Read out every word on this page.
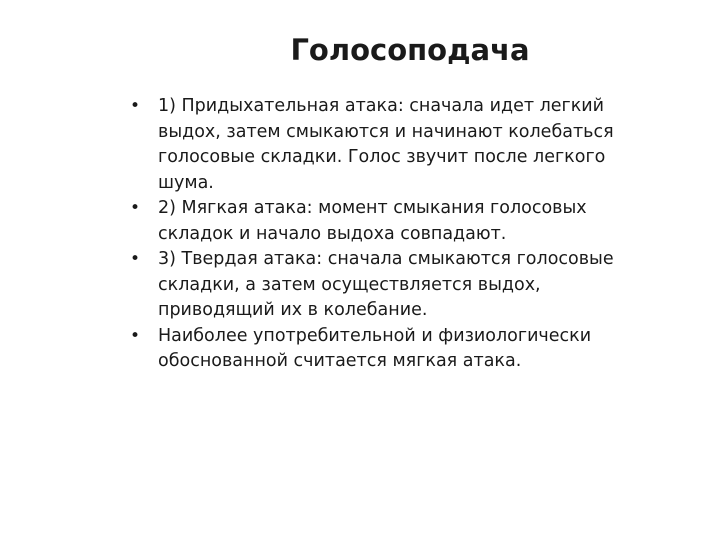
Голосоподача
• 1) Придыхательная атака: сначала идет легкий
выдох, затем смыкаются и начинают колебаться
голосовые складки. Голос звучит после легкого
шума.
• 2) Мягкая атака: момент смыкания голосовых
складок и начало выдоха совпадают.
• 3) Твердая атака: сначала смыкаются голосовые
складки, а затем осуществляется выдох,
приводящий их в колебание.
• Наиболее употребительной и физиологически
обоснованной считается мягкая атака.
